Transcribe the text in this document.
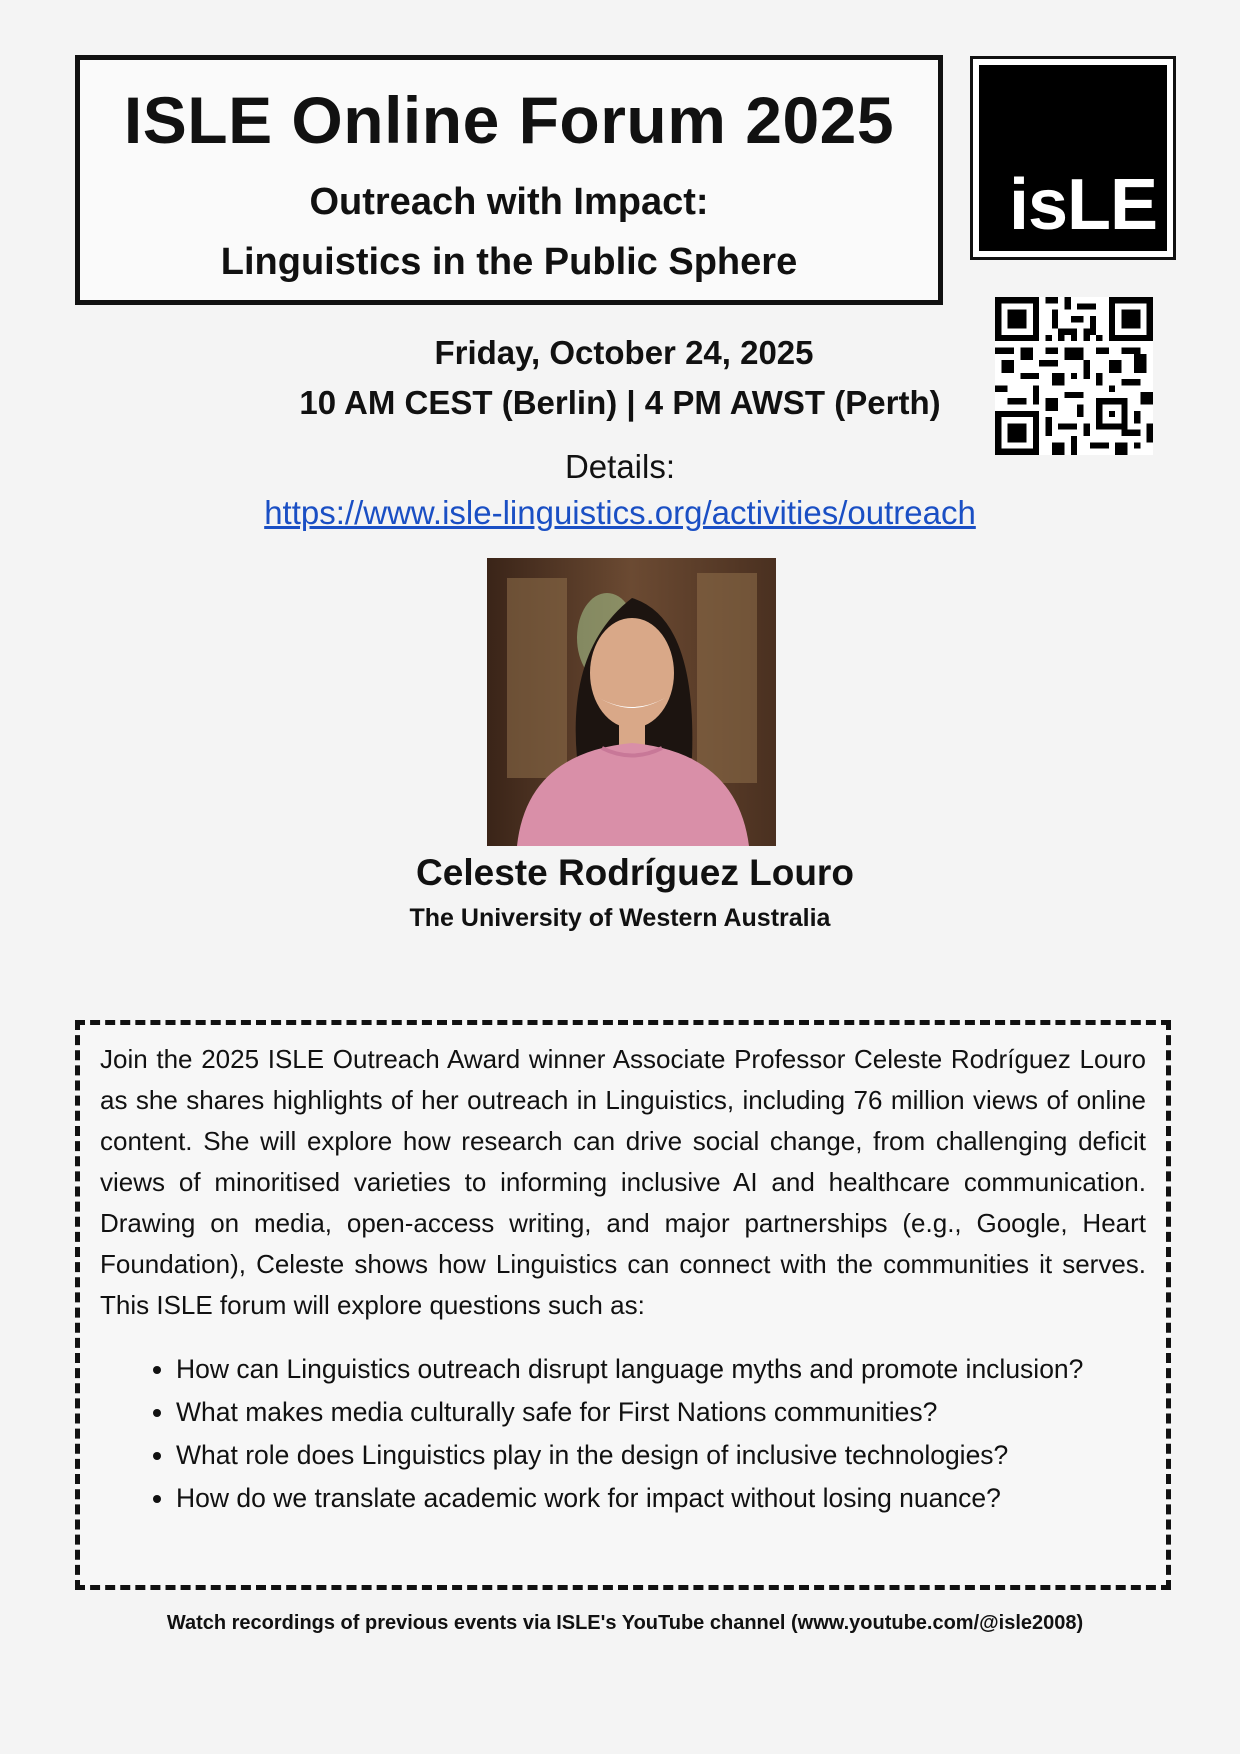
ISLE Online Forum 2025
Outreach with Impact:
Linguistics in the Public Sphere
isLE
Friday, October 24, 2025
10 AM CEST (Berlin) | 4 PM AWST (Perth)
Details:
https://www.isle-linguistics.org/activities/outreach
Celeste Rodríguez Louro
The University of Western Australia

Join the 2025 ISLE Outreach Award winner Associate Professor Celeste Rodríguez Louro as she shares highlights of her outreach in Linguistics, including 76 million views of online content. She will explore how research can drive social change, from challenging deficit views of minoritised varieties to informing inclusive AI and healthcare communication. Drawing on media, open-access writing, and major partnerships (e.g., Google, Heart Foundation), Celeste shows how Linguistics can connect with the communities it serves. This ISLE forum will explore questions such as:

• How can Linguistics outreach disrupt language myths and promote inclusion?
• What makes media culturally safe for First Nations communities?
• What role does Linguistics play in the design of inclusive technologies?
• How do we translate academic work for impact without losing nuance?
Watch recordings of previous events via ISLE's YouTube channel (www.youtube.com/@isle2008)
